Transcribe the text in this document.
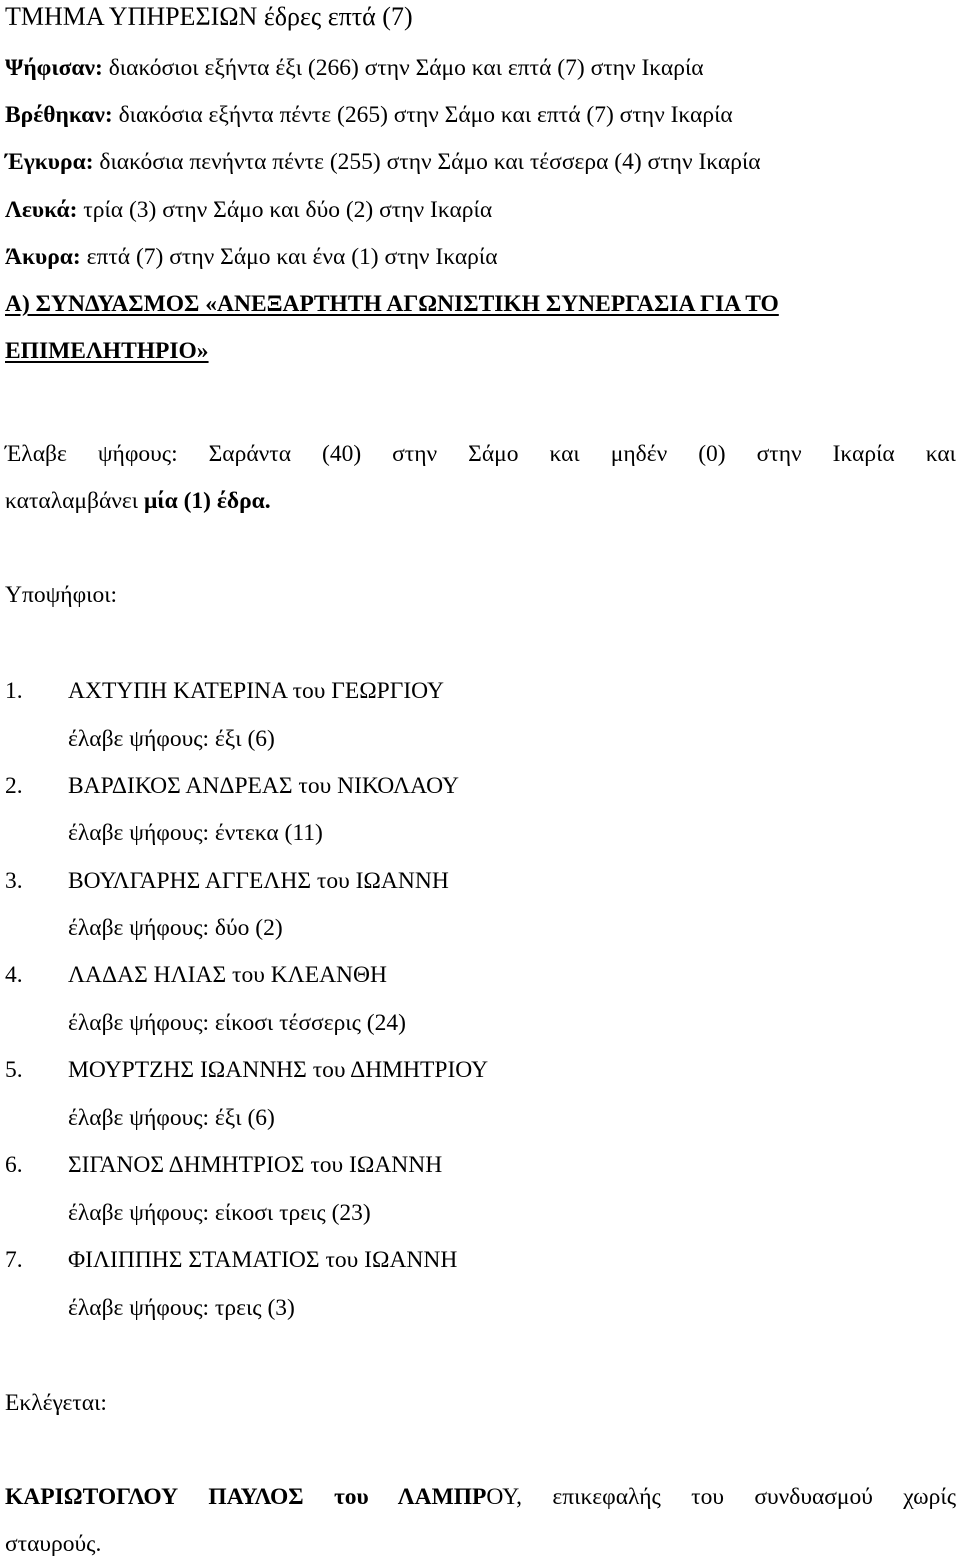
ΤΜΗΜΑ ΥΠΗΡΕΣΙΩΝ έδρες επτά (7)
Ψήφισαν: διακόσιοι εξήντα έξι (266) στην Σάμο και επτά (7) στην Ικαρία
Βρέθηκαν: διακόσια εξήντα πέντε (265) στην Σάμο και επτά (7) στην Ικαρία
Έγκυρα: διακόσια πενήντα πέντε (255) στην Σάμο και τέσσερα (4) στην Ικαρία
Λευκά: τρία (3) στην Σάμο και δύο (2) στην Ικαρία
Άκυρα: επτά (7) στην Σάμο και ένα (1) στην Ικαρία
Α) ΣΥΝΔΥΑΣΜΟΣ «ΑΝΕΞΑΡΤΗΤΗ ΑΓΩΝΙΣΤΙΚΗ ΣΥΝΕΡΓΑΣΙΑ ΓΙΑ ΤΟ
ΕΠΙΜΕΛΗΤΗΡΙΟ»
Έλαβε ψήφους: Σαράντα (40) στην Σάμο και μηδέν (0) στην Ικαρία και
καταλαμβάνει μία (1) έδρα.
Υποψήφιοι:
1. ΑΧΤΥΠΗ ΚΑΤΕΡΙΝΑ του ΓΕΩΡΓΙΟΥ
έλαβε ψήφους: έξι (6)
2. ΒΑΡΔΙΚΟΣ ΑΝΔΡΕΑΣ του ΝΙΚΟΛΑΟΥ
έλαβε ψήφους: έντεκα (11)
3. ΒΟΥΛΓΑΡΗΣ ΑΓΓΕΛΗΣ του ΙΩΑΝΝΗ
έλαβε ψήφους: δύο (2)
4. ΛΑΔΑΣ ΗΛΙΑΣ του ΚΛΕΑΝΘΗ
έλαβε ψήφους: είκοσι τέσσερις (24)
5. ΜΟΥΡΤΖΗΣ ΙΩΑΝΝΗΣ του ΔΗΜΗΤΡΙΟΥ
έλαβε ψήφους: έξι (6)
6. ΣΙΓΑΝΟΣ ΔΗΜΗΤΡΙΟΣ του ΙΩΑΝΝΗ
έλαβε ψήφους: είκοσι τρεις (23)
7. ΦΙΛΙΠΠΗΣ ΣΤΑΜΑΤΙΟΣ του ΙΩΑΝΝΗ
έλαβε ψήφους: τρεις (3)
Εκλέγεται:
ΚΑΡΙΩΤΟΓΛΟΥ ΠΑΥΛΟΣ του ΛΑΜΠΡΟΥ, επικεφαλής του συνδυασμού χωρίς
σταυρούς.
